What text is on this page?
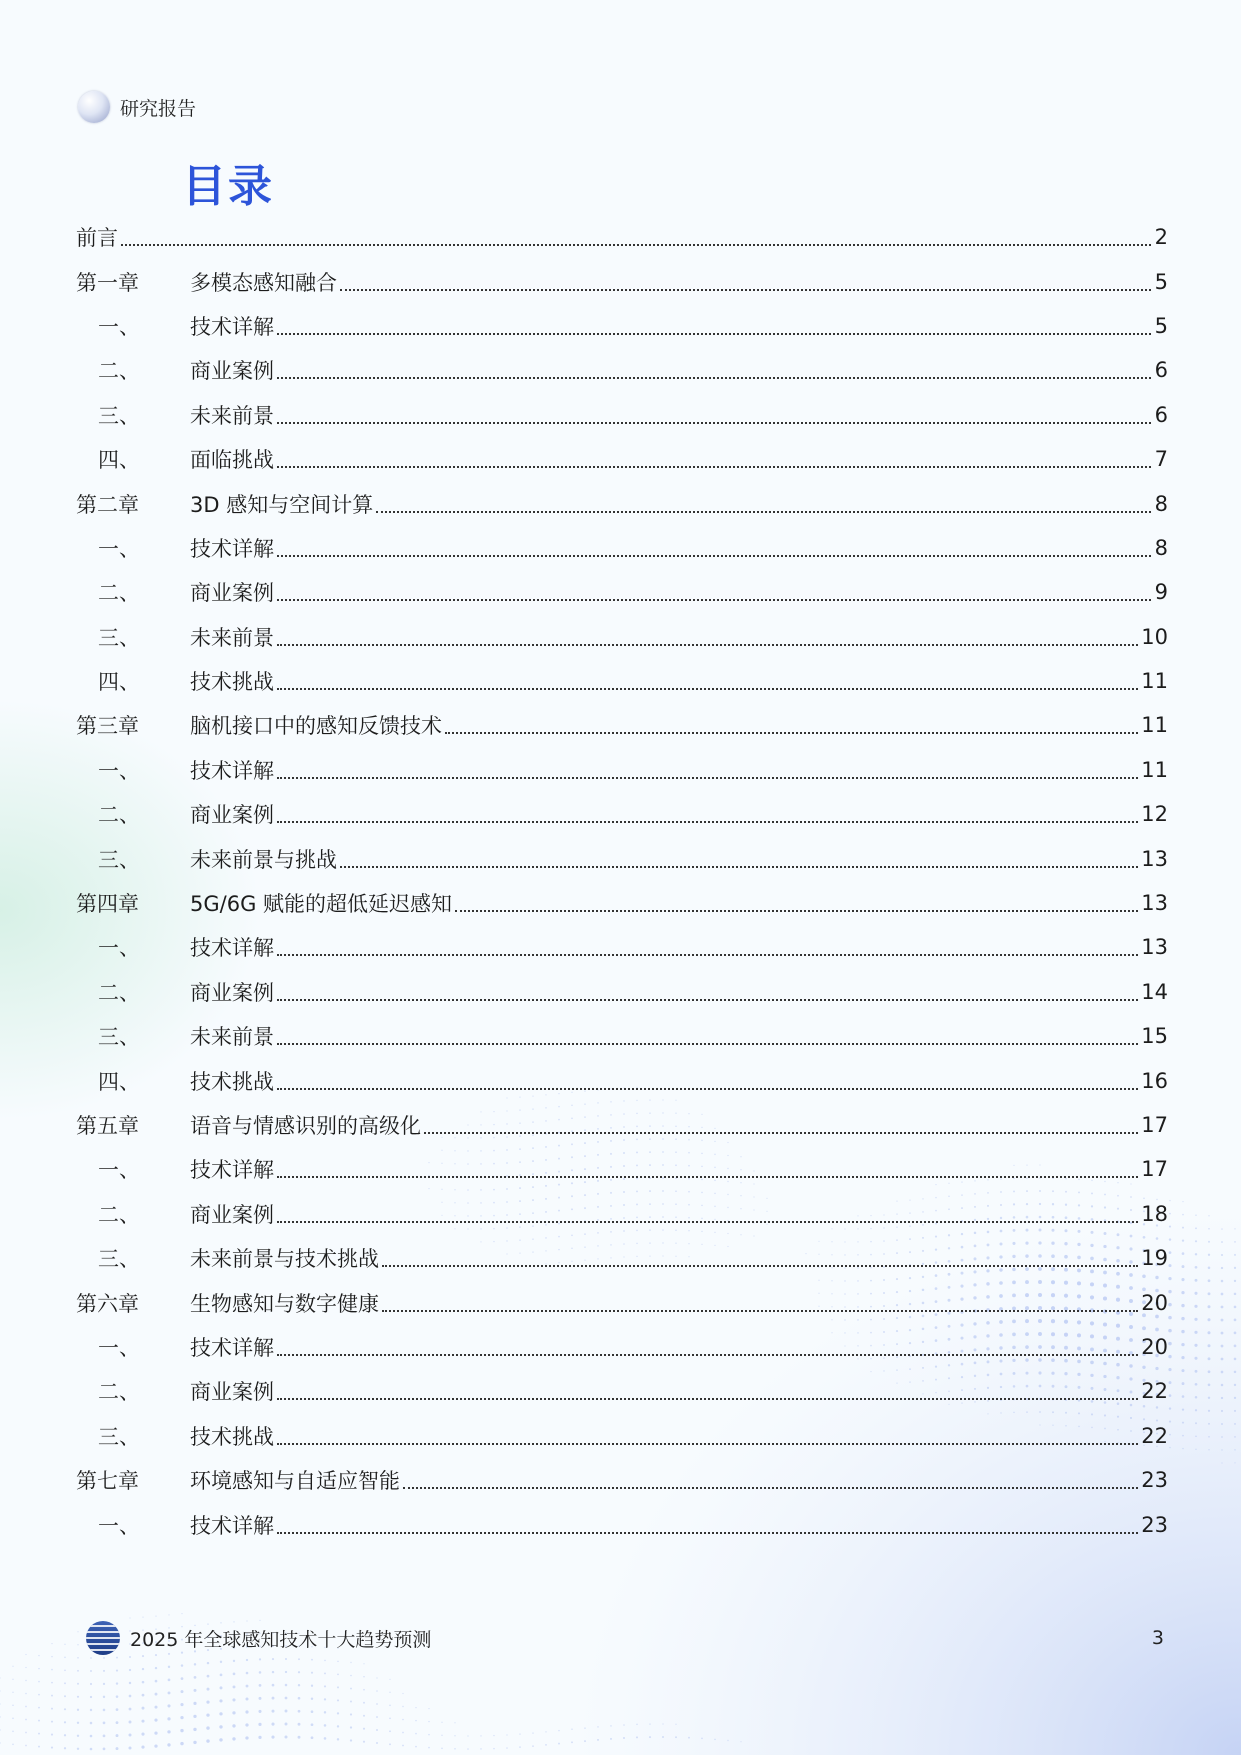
研究报告
目录
前言	2
第一章	多模态感知融合	5
一、	技术详解	5
二、	商业案例	6
三、	未来前景	6
四、	面临挑战	7
第二章	3D 感知与空间计算	8
一、	技术详解	8
二、	商业案例	9
三、	未来前景	10
四、	技术挑战	11
第三章	脑机接口中的感知反馈技术	11
一、	技术详解	11
二、	商业案例	12
三、	未来前景与挑战	13
第四章	5G/6G 赋能的超低延迟感知	13
一、	技术详解	13
二、	商业案例	14
三、	未来前景	15
四、	技术挑战	16
第五章	语音与情感识别的高级化	17
一、	技术详解	17
二、	商业案例	18
三、	未来前景与技术挑战	19
第六章	生物感知与数字健康	20
一、	技术详解	20
二、	商业案例	22
三、	技术挑战	22
第七章	环境感知与自适应智能	23
一、	技术详解	23
2025 年全球感知技术十大趋势预测	3
